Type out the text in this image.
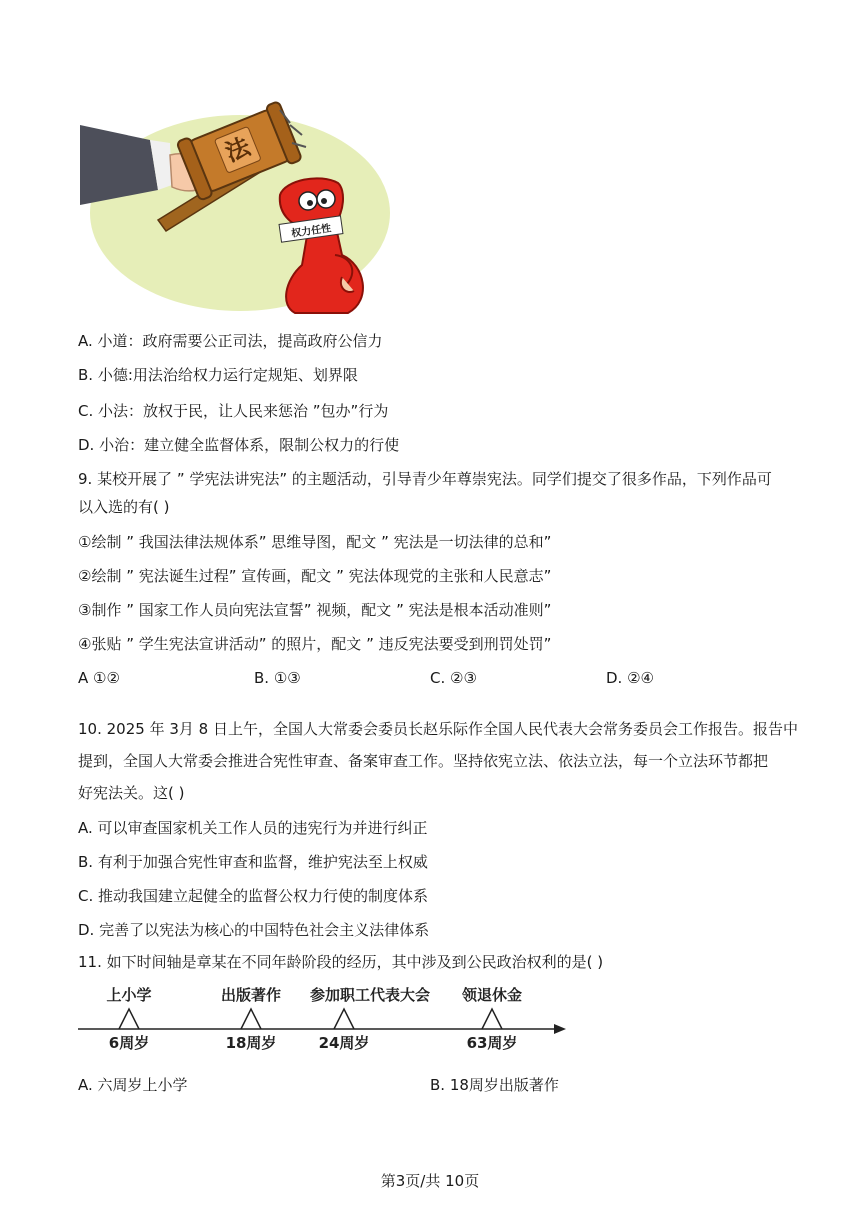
法
权力任性
A. 小道：政府需要公正司法，提高政府公信力
B. 小德:用法治给权力运行定规矩、划界限
C. 小法：放权于民，让人民来惩治 ”包办”行为
D. 小治：建立健全监督体系，限制公权力的行使
9. 某校开展了 ” 学宪法讲宪法” 的主题活动，引导青少年尊崇宪法。同学们提交了很多作品，下列作品可
以入选的有( )
①绘制 ” 我国法律法规体系” 思维导图，配文 ” 宪法是一切法律的总和”
②绘制 ” 宪法诞生过程” 宣传画，配文 ” 宪法体现党的主张和人民意志”
③制作 ” 国家工作人员向宪法宣誓” 视频，配文 ” 宪法是根本活动准则”
④张贴 ” 学生宪法宣讲活动” 的照片，配文 ” 违反宪法要受到刑罚处罚”
A ①②	B. ①③	C. ②③	D. ②④
10. 2025 年 3月 8 日上午，全国人大常委会委员长赵乐际作全国人民代表大会常务委员会工作报告。报告中
提到，全国人大常委会推进合宪性审查、备案审查工作。坚持依宪立法、依法立法，每一个立法环节都把
好宪法关。这( )
A. 可以审查国家机关工作人员的违宪行为并进行纠正
B. 有利于加强合宪性审查和监督，维护宪法至上权威
C. 推动我国建立起健全的监督公权力行使的制度体系
D. 完善了以宪法为核心的中国特色社会主义法律体系
11. 如下时间轴是章某在不同年龄阶段的经历，其中涉及到公民政治权利的是( )
上小学
6周岁
出版著作
18周岁
参加职工代表大会
24周岁
领退休金
63周岁
A. 六周岁上小学	B. 18周岁出版著作
第3页/共 10页
